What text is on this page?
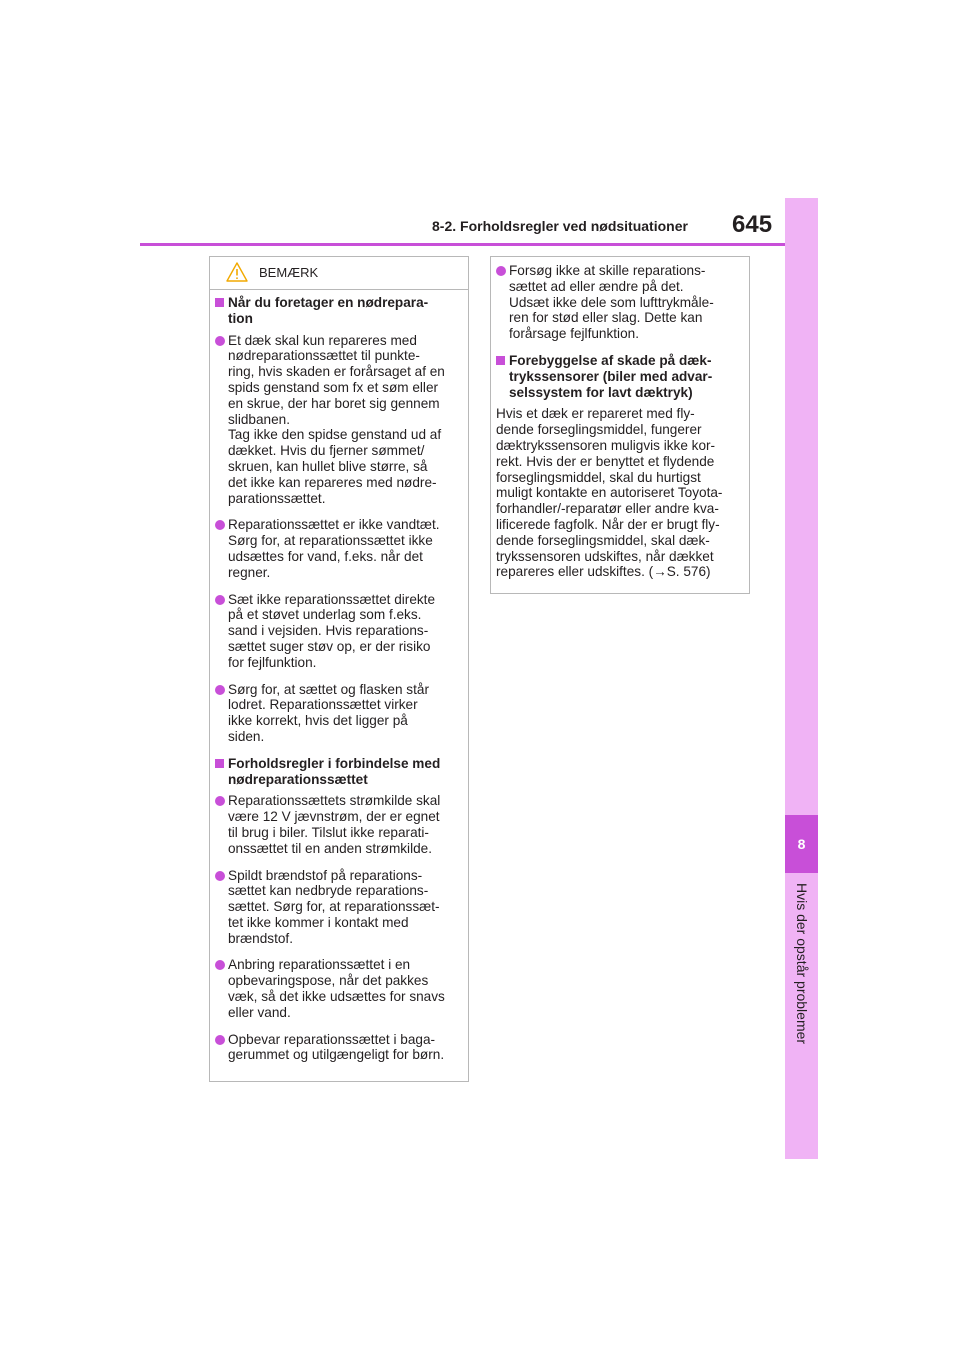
8-2. Forholdsregler ved nødsituationer 645
8
Hvis der opstår problemer
BEMÆRK
Når du foretager en nødrepara-
tion
Et dæk skal kun repareres med
nødreparationssættet til punkte-
ring, hvis skaden er forårsaget af en
spids genstand som fx et søm eller
en skrue, der har boret sig gennem
slidbanen.
Tag ikke den spidse genstand ud af
dækket. Hvis du fjerner sømmet/
skruen, kan hullet blive større, så
det ikke kan repareres med nødre-
parationssættet.
Reparationssættet er ikke vandtæt.
Sørg for, at reparationssættet ikke
udsættes for vand, f.eks. når det
regner.
Sæt ikke reparationssættet direkte
på et støvet underlag som f.eks.
sand i vejsiden. Hvis reparations-
sættet suger støv op, er der risiko
for fejlfunktion.
Sørg for, at sættet og flasken står
lodret. Reparationssættet virker
ikke korrekt, hvis det ligger på
siden.
Forholdsregler i forbindelse med
nødreparationssættet
Reparationssættets strømkilde skal
være 12 V jævnstrøm, der er egnet
til brug i biler. Tilslut ikke reparati-
onssættet til en anden strømkilde.
Spildt brændstof på reparations-
sættet kan nedbryde reparations-
sættet. Sørg for, at reparationssæt-
tet ikke kommer i kontakt med
brændstof.
Anbring reparationssættet i en
opbevaringspose, når det pakkes
væk, så det ikke udsættes for snavs
eller vand.
Opbevar reparationssættet i baga-
gerummet og utilgængeligt for børn.
Forsøg ikke at skille reparations-
sættet ad eller ændre på det.
Udsæt ikke dele som lufttrykmåle-
ren for stød eller slag. Dette kan
forårsage fejlfunktion.
Forebyggelse af skade på dæk-
trykssensorer (biler med advar-
selssystem for lavt dæktryk)
Hvis et dæk er repareret med fly-
dende forseglingsmiddel, fungerer
dæktrykssensoren muligvis ikke kor-
rekt. Hvis der er benyttet et flydende
forseglingsmiddel, skal du hurtigst
muligt kontakte en autoriseret Toyota-
forhandler/-reparatør eller andre kva-
lificerede fagfolk. Når der er brugt fly-
dende forseglingsmiddel, skal dæk-
trykssensoren udskiftes, når dækket
repareres eller udskiftes. (→S. 576)
